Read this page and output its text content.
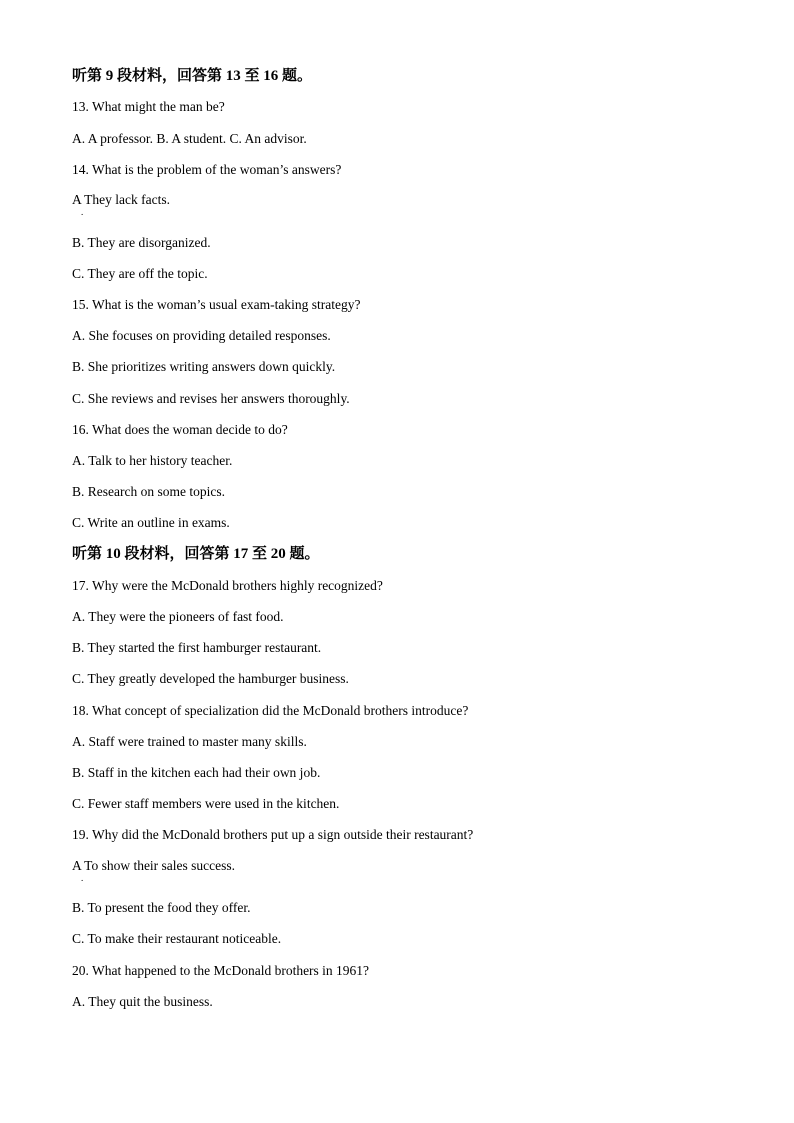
听第 9 段材料，回答第 13 至 16 题。
13. What might the man be?
A. A professor. B. A student. C. An advisor.
14. What is the problem of the woman’s answers?
A They lack facts.
.
B. They are disorganized.
C. They are off the topic.
15. What is the woman’s usual exam-taking strategy?
A. She focuses on providing detailed responses.
B. She prioritizes writing answers down quickly.
C. She reviews and revises her answers thoroughly.
16. What does the woman decide to do?
A. Talk to her history teacher.
B. Research on some topics.
C. Write an outline in exams.
听第 10 段材料，回答第 17 至 20 题。
17. Why were the McDonald brothers highly recognized?
A. They were the pioneers of fast food.
B. They started the first hamburger restaurant.
C. They greatly developed the hamburger business.
18. What concept of specialization did the McDonald brothers introduce?
A. Staff were trained to master many skills.
B. Staff in the kitchen each had their own job.
C. Fewer staff members were used in the kitchen.
19. Why did the McDonald brothers put up a sign outside their restaurant?
A To show their sales success.
.
B. To present the food they offer.
C. To make their restaurant noticeable.
20. What happened to the McDonald brothers in 1961?
A. They quit the business.
